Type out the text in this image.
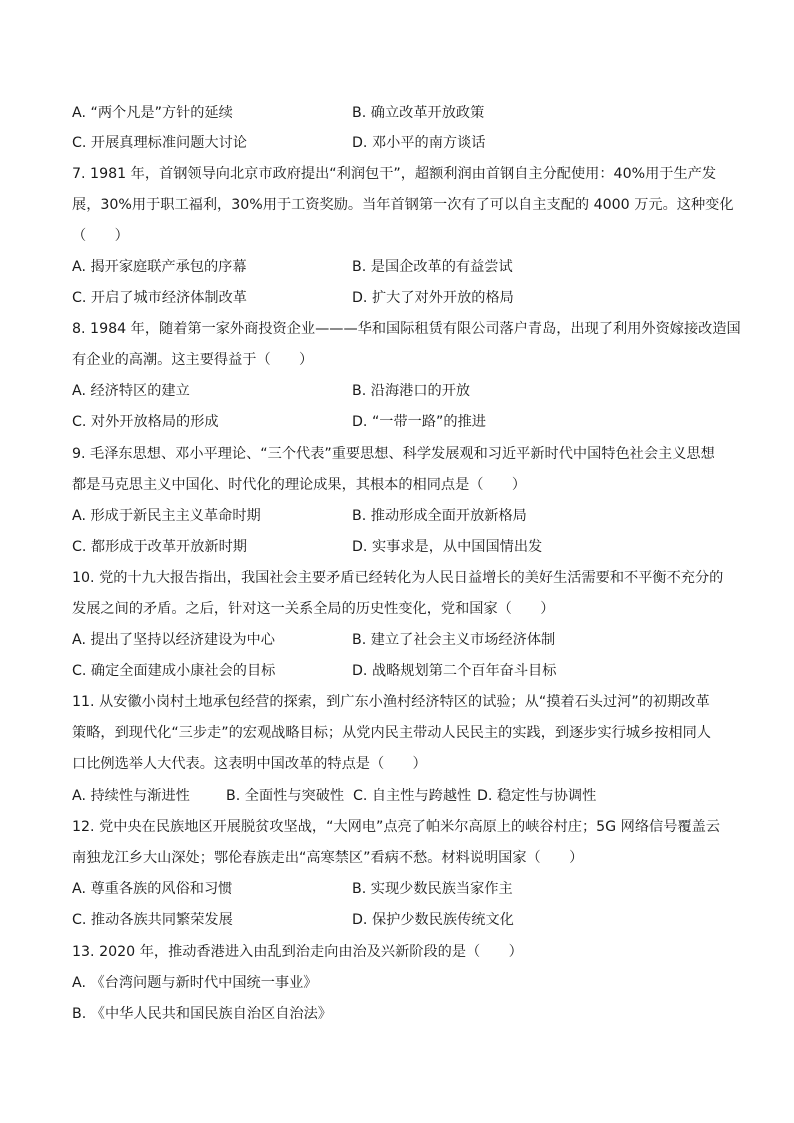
A. “两个凡是”方针的延续	B. 确立改革开放政策
C. 开展真理标准问题大讨论	D. 邓小平的南方谈话
7. 1981 年，首钢领导向北京市政府提出“利润包干”，超额利润由首钢自主分配使用：40%用于生产发
展，30%用于职工福利，30%用于工资奖励。当年首钢第一次有了可以自主支配的 4000 万元。这种变化
（　　）
A. 揭开家庭联产承包的序幕	B. 是国企改革的有益尝试
C. 开启了城市经济体制改革	D. 扩大了对外开放的格局
8. 1984 年，随着第一家外商投资企业———华和国际租赁有限公司落户青岛，出现了利用外资嫁接改造国
有企业的高潮。这主要得益于（　　）
A. 经济特区的建立	B. 沿海港口的开放
C. 对外开放格局的形成	D. “一带一路”的推进
9. 毛泽东思想、邓小平理论、“三个代表”重要思想、科学发展观和习近平新时代中国特色社会主义思想
都是马克思主义中国化、时代化的理论成果，其根本的相同点是（　　）
A. 形成于新民主主义革命时期	B. 推动形成全面开放新格局
C. 都形成于改革开放新时期	D. 实事求是，从中国国情出发
10. 党的十九大报告指出，我国社会主要矛盾已经转化为人民日益增长的美好生活需要和不平衡不充分的
发展之间的矛盾。之后，针对这一关系全局的历史性变化，党和国家（　　）
A. 提出了坚持以经济建设为中心	B. 建立了社会主义市场经济体制
C. 确定全面建成小康社会的目标	D. 战略规划第二个百年奋斗目标
11. 从安徽小岗村土地承包经营的探索，到广东小渔村经济特区的试验；从“摸着石头过河”的初期改革
策略，到现代化“三步走”的宏观战略目标；从党内民主带动人民民主的实践，到逐步实行城乡按相同人
口比例选举人大代表。这表明中国改革的特点是（　　）
A. 持续性与渐进性	B. 全面性与突破性 C. 自主性与跨越性 D. 稳定性与协调性
12. 党中央在民族地区开展脱贫攻坚战，“大网电”点亮了帕米尔高原上的峡谷村庄；5G 网络信号覆盖云
南独龙江乡大山深处；鄂伦春族走出“高寒禁区”看病不愁。材料说明国家（　　）
A. 尊重各族的风俗和习惯	B. 实现少数民族当家作主
C. 推动各族共同繁荣发展	D. 保护少数民族传统文化
13. 2020 年，推动香港进入由乱到治走向由治及兴新阶段的是（　　）
A. 《台湾问题与新时代中国统一事业》
B. 《中华人民共和国民族自治区自治法》
